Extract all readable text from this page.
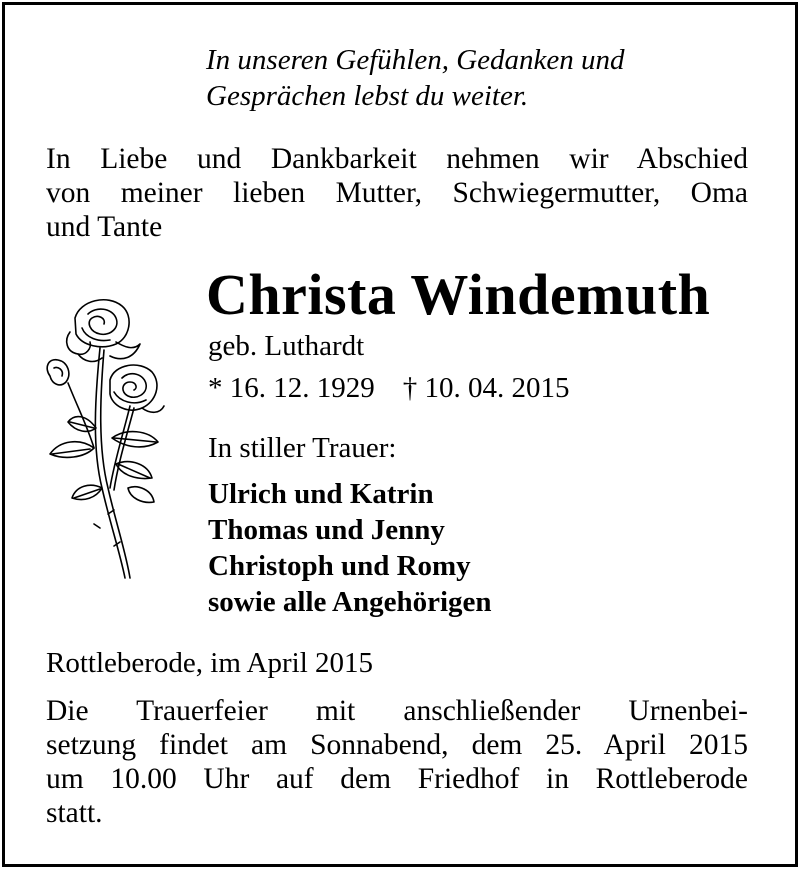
In unseren Gefühlen, Gedanken und
Gesprächen lebst du weiter.
In Liebe und Dankbarkeit nehmen wir Abschied
von meiner lieben Mutter, Schwiegermutter, Oma
und Tante
Christa Windemuth
geb. Luthardt
* 16. 12. 1929 † 10. 04. 2015
In stiller Trauer:
Ulrich und Katrin
Thomas und Jenny
Christoph und Romy
sowie alle Angehörigen
Rottleberode, im April 2015
Die Trauerfeier mit anschließender Urnenbei-
setzung findet am Sonnabend, dem 25. April 2015
um 10.00 Uhr auf dem Friedhof in Rottleberode
statt.
